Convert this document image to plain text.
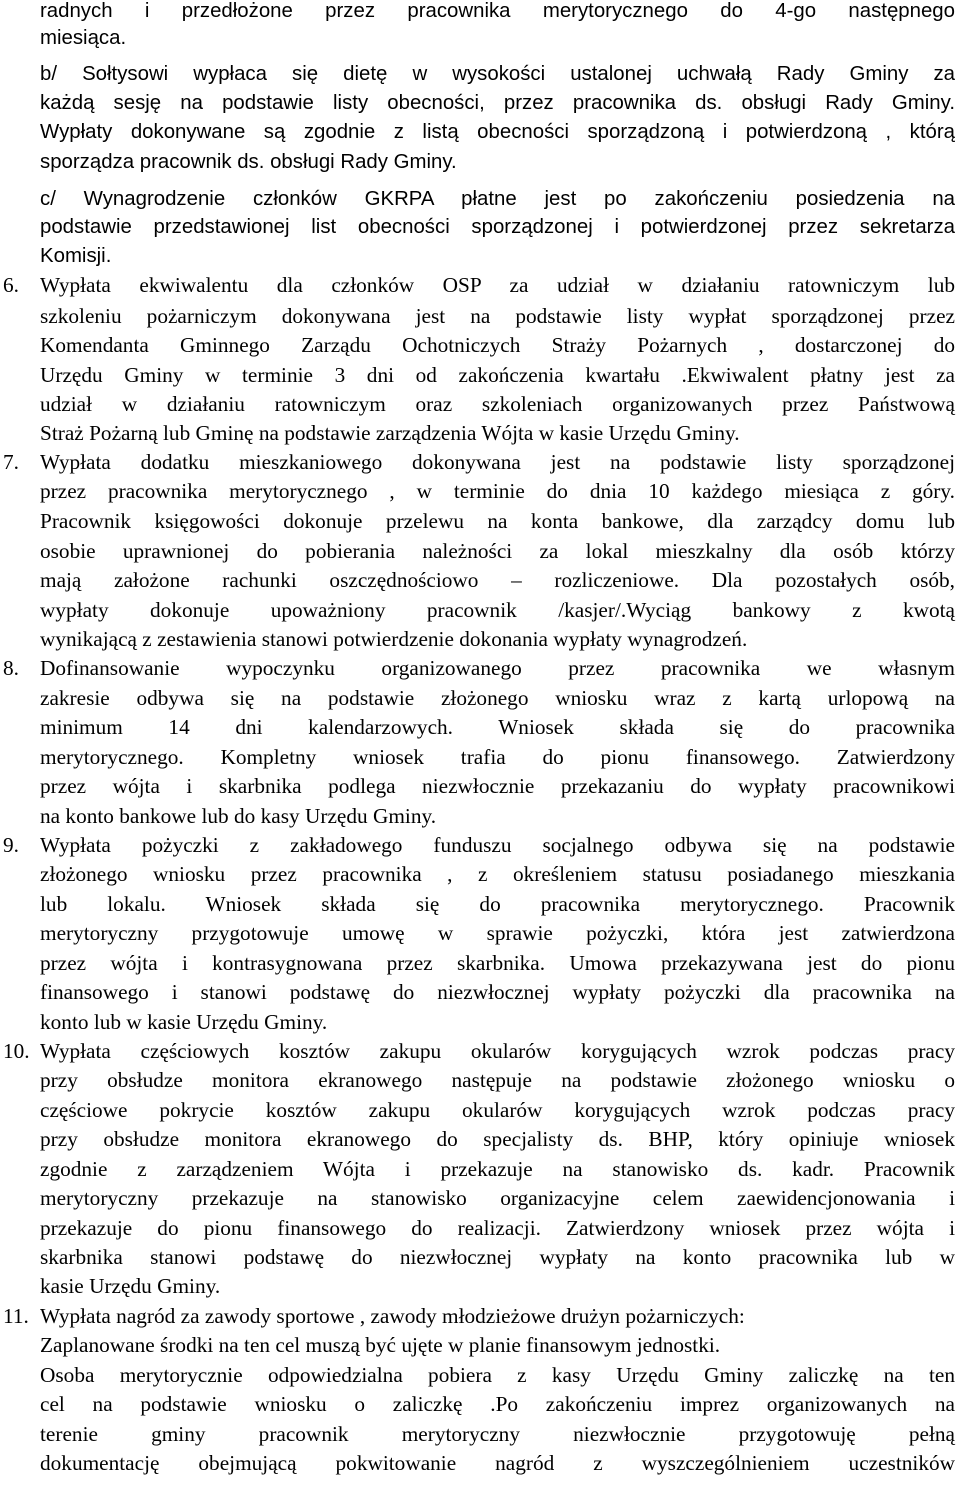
radnych i przedłożone przez pracownika merytorycznego do 4-go następnego
miesiąca.
b/ Sołtysowi wypłaca się dietę w wysokości ustalonej uchwałą Rady Gminy za
każdą sesję na podstawie listy obecności, przez pracownika ds. obsługi Rady Gminy.
Wypłaty dokonywane są zgodnie z listą obecności sporządzoną i potwierdzoną , którą
sporządza pracownik ds. obsługi Rady Gminy.
c/ Wynagrodzenie członków GKRPA płatne jest po zakończeniu posiedzenia na
podstawie przedstawionej list obecności sporządzonej i potwierdzonej przez sekretarza
Komisji.
6. Wypłata ekwiwalentu dla członków OSP za udział w działaniu ratowniczym lub
szkoleniu pożarniczym dokonywana jest na podstawie listy wypłat sporządzonej przez
Komendanta Gminnego Zarządu Ochotniczych Straży Pożarnych , dostarczonej do
Urzędu Gminy w terminie 3 dni od zakończenia kwartału .Ekwiwalent płatny jest za
udział w działaniu ratowniczym oraz szkoleniach organizowanych przez Państwową
Straż Pożarną lub Gminę na podstawie zarządzenia Wójta w kasie Urzędu Gminy.
7. Wypłata dodatku mieszkaniowego dokonywana jest na podstawie listy sporządzonej
przez pracownika merytorycznego , w terminie do dnia 10 każdego miesiąca z góry.
Pracownik księgowości dokonuje przelewu na konta bankowe, dla zarządcy domu lub
osobie uprawnionej do pobierania należności za lokal mieszkalny dla osób którzy
mają założone rachunki oszczędnościowo – rozliczeniowe. Dla pozostałych osób,
wypłaty dokonuje upoważniony pracownik /kasjer/.Wyciąg bankowy z kwotą
wynikającą z zestawienia stanowi potwierdzenie dokonania wypłaty wynagrodzeń.
8. Dofinansowanie wypoczynku organizowanego przez pracownika we własnym
zakresie odbywa się na podstawie złożonego wniosku wraz z kartą urlopową na
minimum 14 dni kalendarzowych. Wniosek składa się do pracownika
merytorycznego. Kompletny wniosek trafia do pionu finansowego. Zatwierdzony
przez wójta i skarbnika podlega niezwłocznie przekazaniu do wypłaty pracownikowi
na konto bankowe lub do kasy Urzędu Gminy.
9. Wypłata pożyczki z zakładowego funduszu socjalnego odbywa się na podstawie
złożonego wniosku przez pracownika , z określeniem statusu posiadanego mieszkania
lub lokalu. Wniosek składa się do pracownika merytorycznego. Pracownik
merytoryczny przygotowuje umowę w sprawie pożyczki, która jest zatwierdzona
przez wójta i kontrasygnowana przez skarbnika. Umowa przekazywana jest do pionu
finansowego i stanowi podstawę do niezwłocznej wypłaty pożyczki dla pracownika na
konto lub w kasie Urzędu Gminy.
10. Wypłata częściowych kosztów zakupu okularów korygujących wzrok podczas pracy
przy obsłudze monitora ekranowego następuje na podstawie złożonego wniosku o
częściowe pokrycie kosztów zakupu okularów korygujących wzrok podczas pracy
przy obsłudze monitora ekranowego do specjalisty ds. BHP, który opiniuje wniosek
zgodnie z zarządzeniem Wójta i przekazuje na stanowisko ds. kadr. Pracownik
merytoryczny przekazuje na stanowisko organizacyjne celem zaewidencjonowania i
przekazuje do pionu finansowego do realizacji. Zatwierdzony wniosek przez wójta i
skarbnika stanowi podstawę do niezwłocznej wypłaty na konto pracownika lub w
kasie Urzędu Gminy.
11. Wypłata nagród za zawody sportowe , zawody młodzieżowe drużyn pożarniczych:
Zaplanowane środki na ten cel muszą być ujęte w planie finansowym jednostki.
Osoba merytorycznie odpowiedzialna pobiera z kasy Urzędu Gminy zaliczkę na ten
cel na podstawie wniosku o zaliczkę .Po zakończeniu imprez organizowanych na
terenie gminy pracownik merytoryczny niezwłocznie przygotowuję pełną
dokumentację obejmującą pokwitowanie nagród z wyszczególnieniem uczestników
